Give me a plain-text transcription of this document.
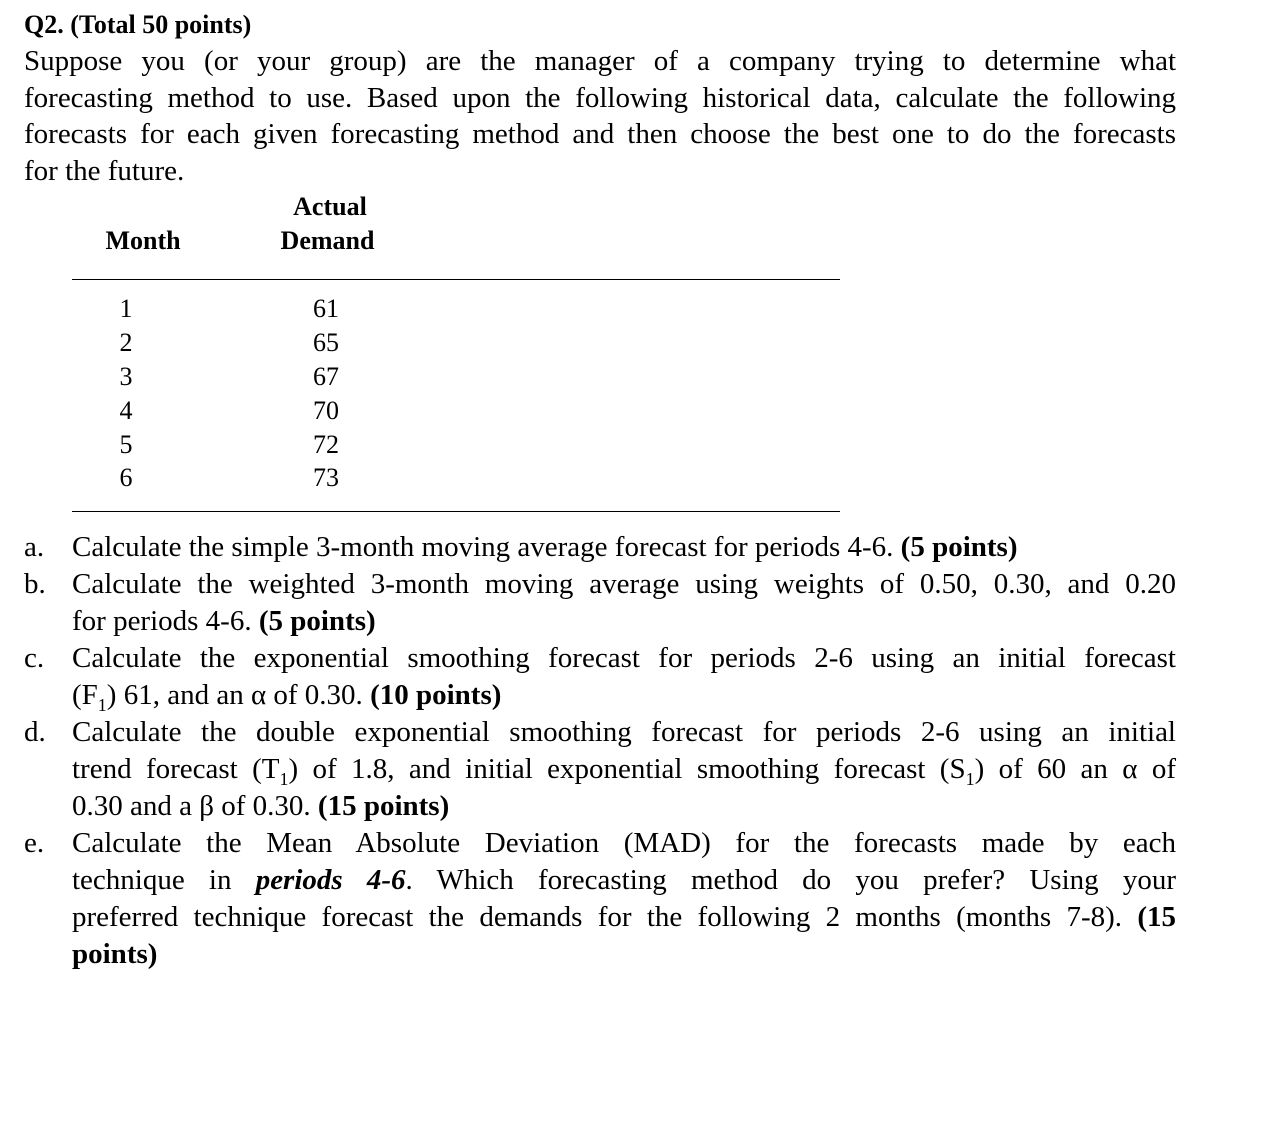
Q2. (Total 50 points)
Suppose you (or your group) are the manager of a company trying to determine what
forecasting method to use. Based upon the following historical data, calculate the following
forecasts for each given forecasting method and then choose the best one to do the forecasts
for the future.
Actual
Month	Demand
1	61
2	65
3	67
4	70
5	72
6	73
a. Calculate the simple 3-month moving average forecast for periods 4-6. (5 points)
b. Calculate the weighted 3-month moving average using weights of 0.50, 0.30, and 0.20
for periods 4-6. (5 points)
c. Calculate the exponential smoothing forecast for periods 2-6 using an initial forecast
$(F_1)$ 61, and an α of 0.30. (10 points)
d. Calculate the double exponential smoothing forecast for periods 2-6 using an initial
trend forecast $(T_1)$ of 1.8, and initial exponential smoothing forecast $(S_1)$ of 60 an α of
0.30 and a β of 0.30. (15 points)
e. Calculate the Mean Absolute Deviation (MAD) for the forecasts made by each
technique in periods 4-6. Which forecasting method do you prefer? Using your
preferred technique forecast the demands for the following 2 months (months 7-8). (15
points)
